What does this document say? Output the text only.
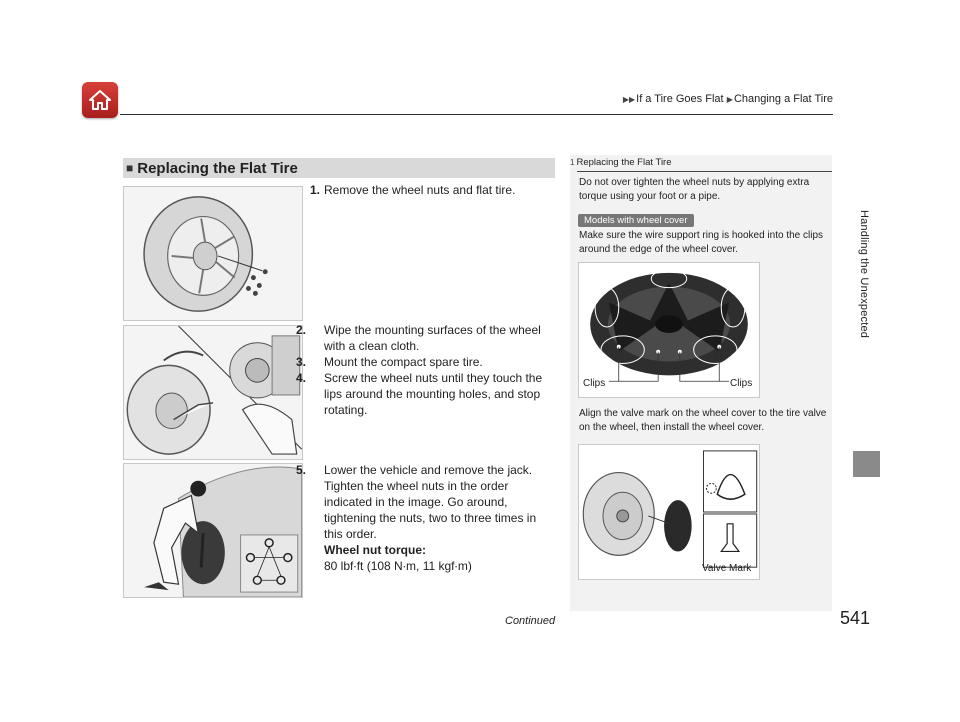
▶▶If a Tire Goes Flat ▶Changing a Flat Tire
Handling the Unexpected
■ Replacing the Flat Tire
1. Remove the wheel nuts and flat tire.
2. Wipe the mounting surfaces of the wheel with a clean cloth.
3. Mount the compact spare tire.
4. Screw the wheel nuts until they touch the lips around the mounting holes, and stop rotating.
5. Lower the vehicle and remove the jack. Tighten the wheel nuts in the order indicated in the image. Go around, tightening the nuts, two to three times in this order.
Wheel nut torque:
80 lbf∙ft (108 N∙m, 11 kgf∙m)
1 Replacing the Flat Tire
Do not over tighten the wheel nuts by applying extra torque using your foot or a pipe.
Models with wheel cover
Make sure the wire support ring is hooked into the clips around the edge of the wheel cover.
Clips	Clips
Align the valve mark on the wheel cover to the tire valve on the wheel, then install the wheel cover.
Valve Mark
Continued	541
